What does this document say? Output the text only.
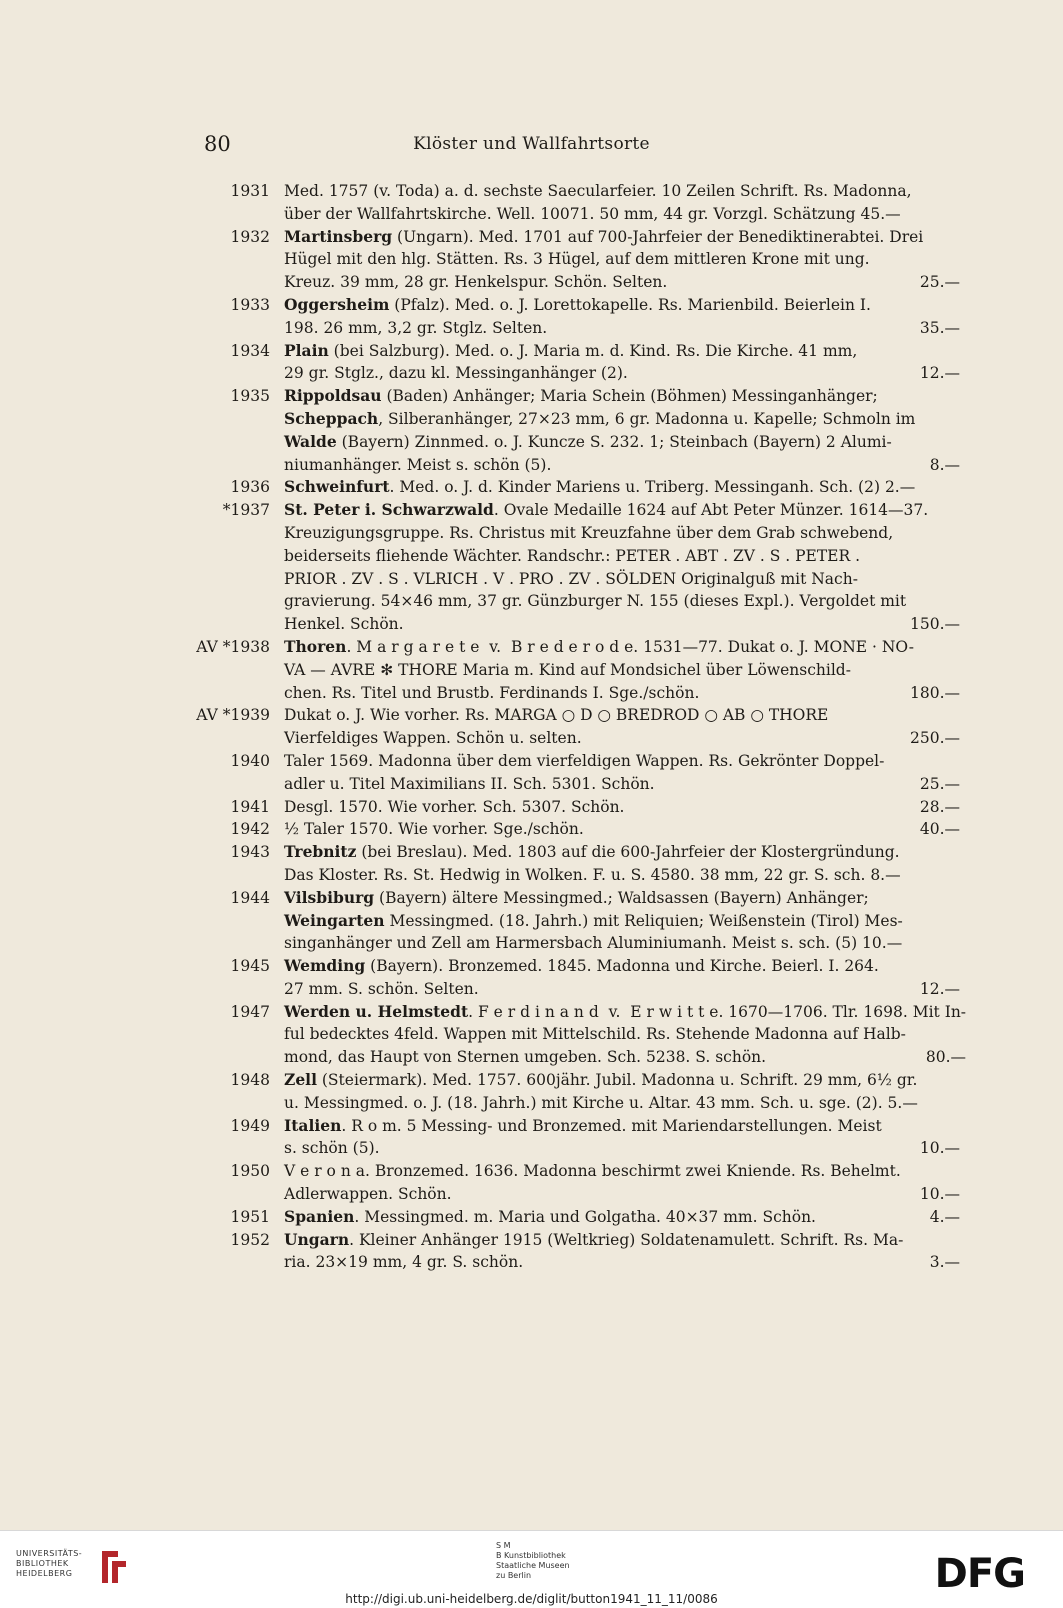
80	Klöster und Wallfahrtsorte
1931 Med. 1757 (v. Toda) a. d. sechste Saecularfeier. 10 Zeilen Schrift. Rs. Madonna,
über der Wallfahrtskirche. Well. 10071. 50 mm, 44 gr. Vorzgl. Schätzung 45.—
1932 Martinsberg (Ungarn). Med. 1701 auf 700-Jahrfeier der Benediktinerabtei. Drei
Hügel mit den hlg. Stätten. Rs. 3 Hügel, auf dem mittleren Krone mit ung.
Kreuz. 39 mm, 28 gr. Henkelspur. Schön. Selten.	25.—
1933 Oggersheim (Pfalz). Med. o. J. Lorettokapelle. Rs. Marienbild. Beierlein I.
198. 26 mm, 3,2 gr. Stglz. Selten.	35.—
1934 Plain (bei Salzburg). Med. o. J. Maria m. d. Kind. Rs. Die Kirche. 41 mm,
29 gr. Stglz., dazu kl. Messinganhänger (2).	12.—
1935 Rippoldsau (Baden) Anhänger; Maria Schein (Böhmen) Messinganhänger;
Scheppach, Silberanhänger, 27×23 mm, 6 gr. Madonna u. Kapelle; Schmoln im
Walde (Bayern) Zinnmed. o. J. Kuncze S. 232. 1; Steinbach (Bayern) 2 Alumi-
niumanhänger. Meist s. schön (5).	8.—
1936 Schweinfurt. Med. o. J. d. Kinder Mariens u. Triberg. Messinganh. Sch. (2) 2.—
*1937 St. Peter i. Schwarzwald. Ovale Medaille 1624 auf Abt Peter Münzer. 1614—37.
Kreuzigungsgruppe. Rs. Christus mit Kreuzfahne über dem Grab schwebend,
beiderseits fliehende Wächter. Randschr.: PETER . ABT . ZV . S . PETER .
PRIOR . ZV . S . VLRICH . V . PRO . ZV . SÖLDEN Originalguß mit Nach-
gravierung. 54×46 mm, 37 gr. Günzburger N. 155 (dieses Expl.). Vergoldet mit
Henkel. Schön.	150.—
AV *1938 Thoren. M a r g a r e t e  v.  B r e d e r o d e. 1531—77. Dukat o. J. MONE · NO-
VA — AVRE ✻ THORE Maria m. Kind auf Mondsichel über Löwenschild-
chen. Rs. Titel und Brustb. Ferdinands I. Sge./schön.	180.—
AV *1939 Dukat o. J. Wie vorher. Rs. MARGA ○ D ○ BREDROD ○ AB ○ THORE
Vierfeldiges Wappen. Schön u. selten.	250.—
1940 Taler 1569. Madonna über dem vierfeldigen Wappen. Rs. Gekrönter Doppel-
adler u. Titel Maximilians II. Sch. 5301. Schön.	25.—
1941 Desgl. 1570. Wie vorher. Sch. 5307. Schön.	28.—
1942 ½ Taler 1570. Wie vorher. Sge./schön.	40.—
1943 Trebnitz (bei Breslau). Med. 1803 auf die 600-Jahrfeier der Klostergründung.
Das Kloster. Rs. St. Hedwig in Wolken. F. u. S. 4580. 38 mm, 22 gr. S. sch. 8.—
1944 Vilsbiburg (Bayern) ältere Messingmed.; Waldsassen (Bayern) Anhänger;
Weingarten Messingmed. (18. Jahrh.) mit Reliquien; Weißenstein (Tirol) Mes-
singanhänger und Zell am Harmersbach Aluminiumanh. Meist s. sch. (5) 10.—
1945 Wemding (Bayern). Bronzemed. 1845. Madonna und Kirche. Beierl. I. 264.
27 mm. S. schön. Selten.	12.—
1947 Werden u. Helmstedt. F e r d i n a n d  v.  E r w i t t e. 1670—1706. Tlr. 1698. Mit In-
ful bedecktes 4feld. Wappen mit Mittelschild. Rs. Stehende Madonna auf Halb-
mond, das Haupt von Sternen umgeben. Sch. 5238. S. schön.	80.—
1948 Zell (Steiermark). Med. 1757. 600jähr. Jubil. Madonna u. Schrift. 29 mm, 6½ gr.
u. Messingmed. o. J. (18. Jahrh.) mit Kirche u. Altar. 43 mm. Sch. u. sge. (2). 5.—
1949 Italien. R o m. 5 Messing- und Bronzemed. mit Mariendarstellungen. Meist
s. schön (5).	10.—
1950 V e r o n a. Bronzemed. 1636. Madonna beschirmt zwei Kniende. Rs. Behelmt.
Adlerwappen. Schön.	10.—
1951 Spanien. Messingmed. m. Maria und Golgatha. 40×37 mm. Schön.	4.—
1952 Ungarn. Kleiner Anhänger 1915 (Weltkrieg) Soldatenamulett. Schrift. Rs. Ma-
ria. 23×19 mm, 4 gr. S. schön.	3.—
UNIVERSITÄTS-
BIBLIOTHEK
HEIDELBERG
S M
B Kunstbibliothek
Staatliche Museen
zu Berlin	DFG
http://digi.ub.uni-heidelberg.de/diglit/button1941_11_11/0086
